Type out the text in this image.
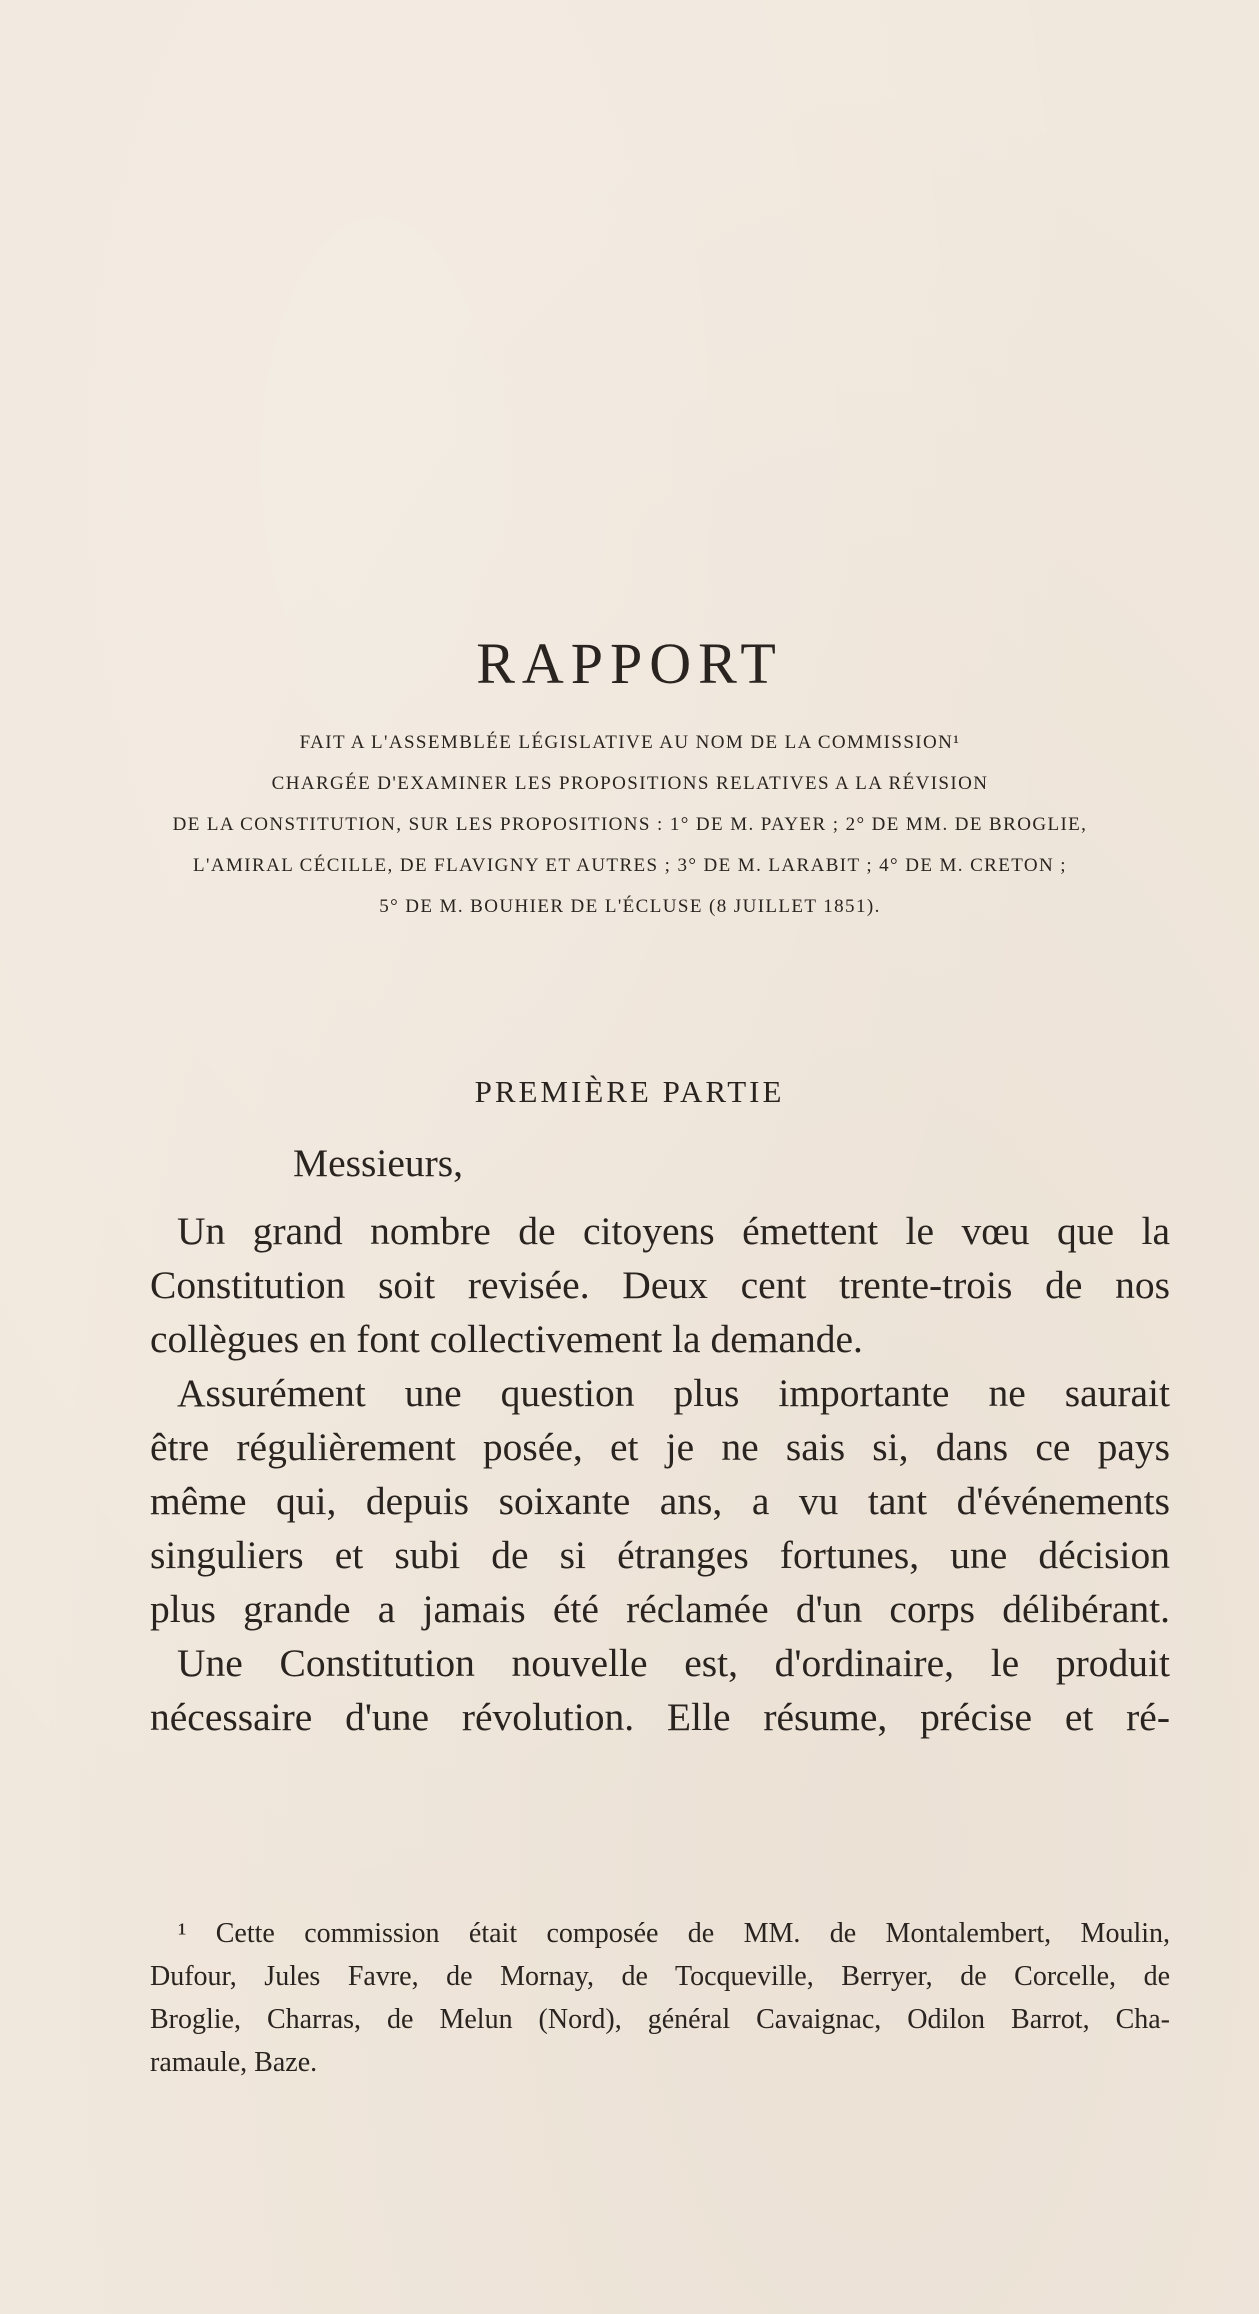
RAPPORT
FAIT A L'ASSEMBLÉE LÉGISLATIVE AU NOM DE LA COMMISSION¹
CHARGÉE D'EXAMINER LES PROPOSITIONS RELATIVES A LA RÉVISION
DE LA CONSTITUTION, SUR LES PROPOSITIONS : 1° DE M. PAYER ; 2° DE MM. DE BROGLIE,
L'AMIRAL CÉCILLE, DE FLAVIGNY ET AUTRES ; 3° DE M. LARABIT ; 4° DE M. CRETON ;
5° DE M. BOUHIER DE L'ÉCLUSE (8 JUILLET 1851).
PREMIÈRE PARTIE
Messieurs,
Un grand nombre de citoyens émettent le vœu que la
Constitution soit revisée. Deux cent trente-trois de nos
collègues en font collectivement la demande.
Assurément une question plus importante ne saurait
être régulièrement posée, et je ne sais si, dans ce pays
même qui, depuis soixante ans, a vu tant d'événements
singuliers et subi de si étranges fortunes, une décision
plus grande a jamais été réclamée d'un corps délibérant.
Une Constitution nouvelle est, d'ordinaire, le produit
nécessaire d'une révolution. Elle résume, précise et ré-
¹ Cette commission était composée de MM. de Montalembert, Moulin,
Dufour, Jules Favre, de Mornay, de Tocqueville, Berryer, de Corcelle, de
Broglie, Charras, de Melun (Nord), général Cavaignac, Odilon Barrot, Cha-
ramaule, Baze.
